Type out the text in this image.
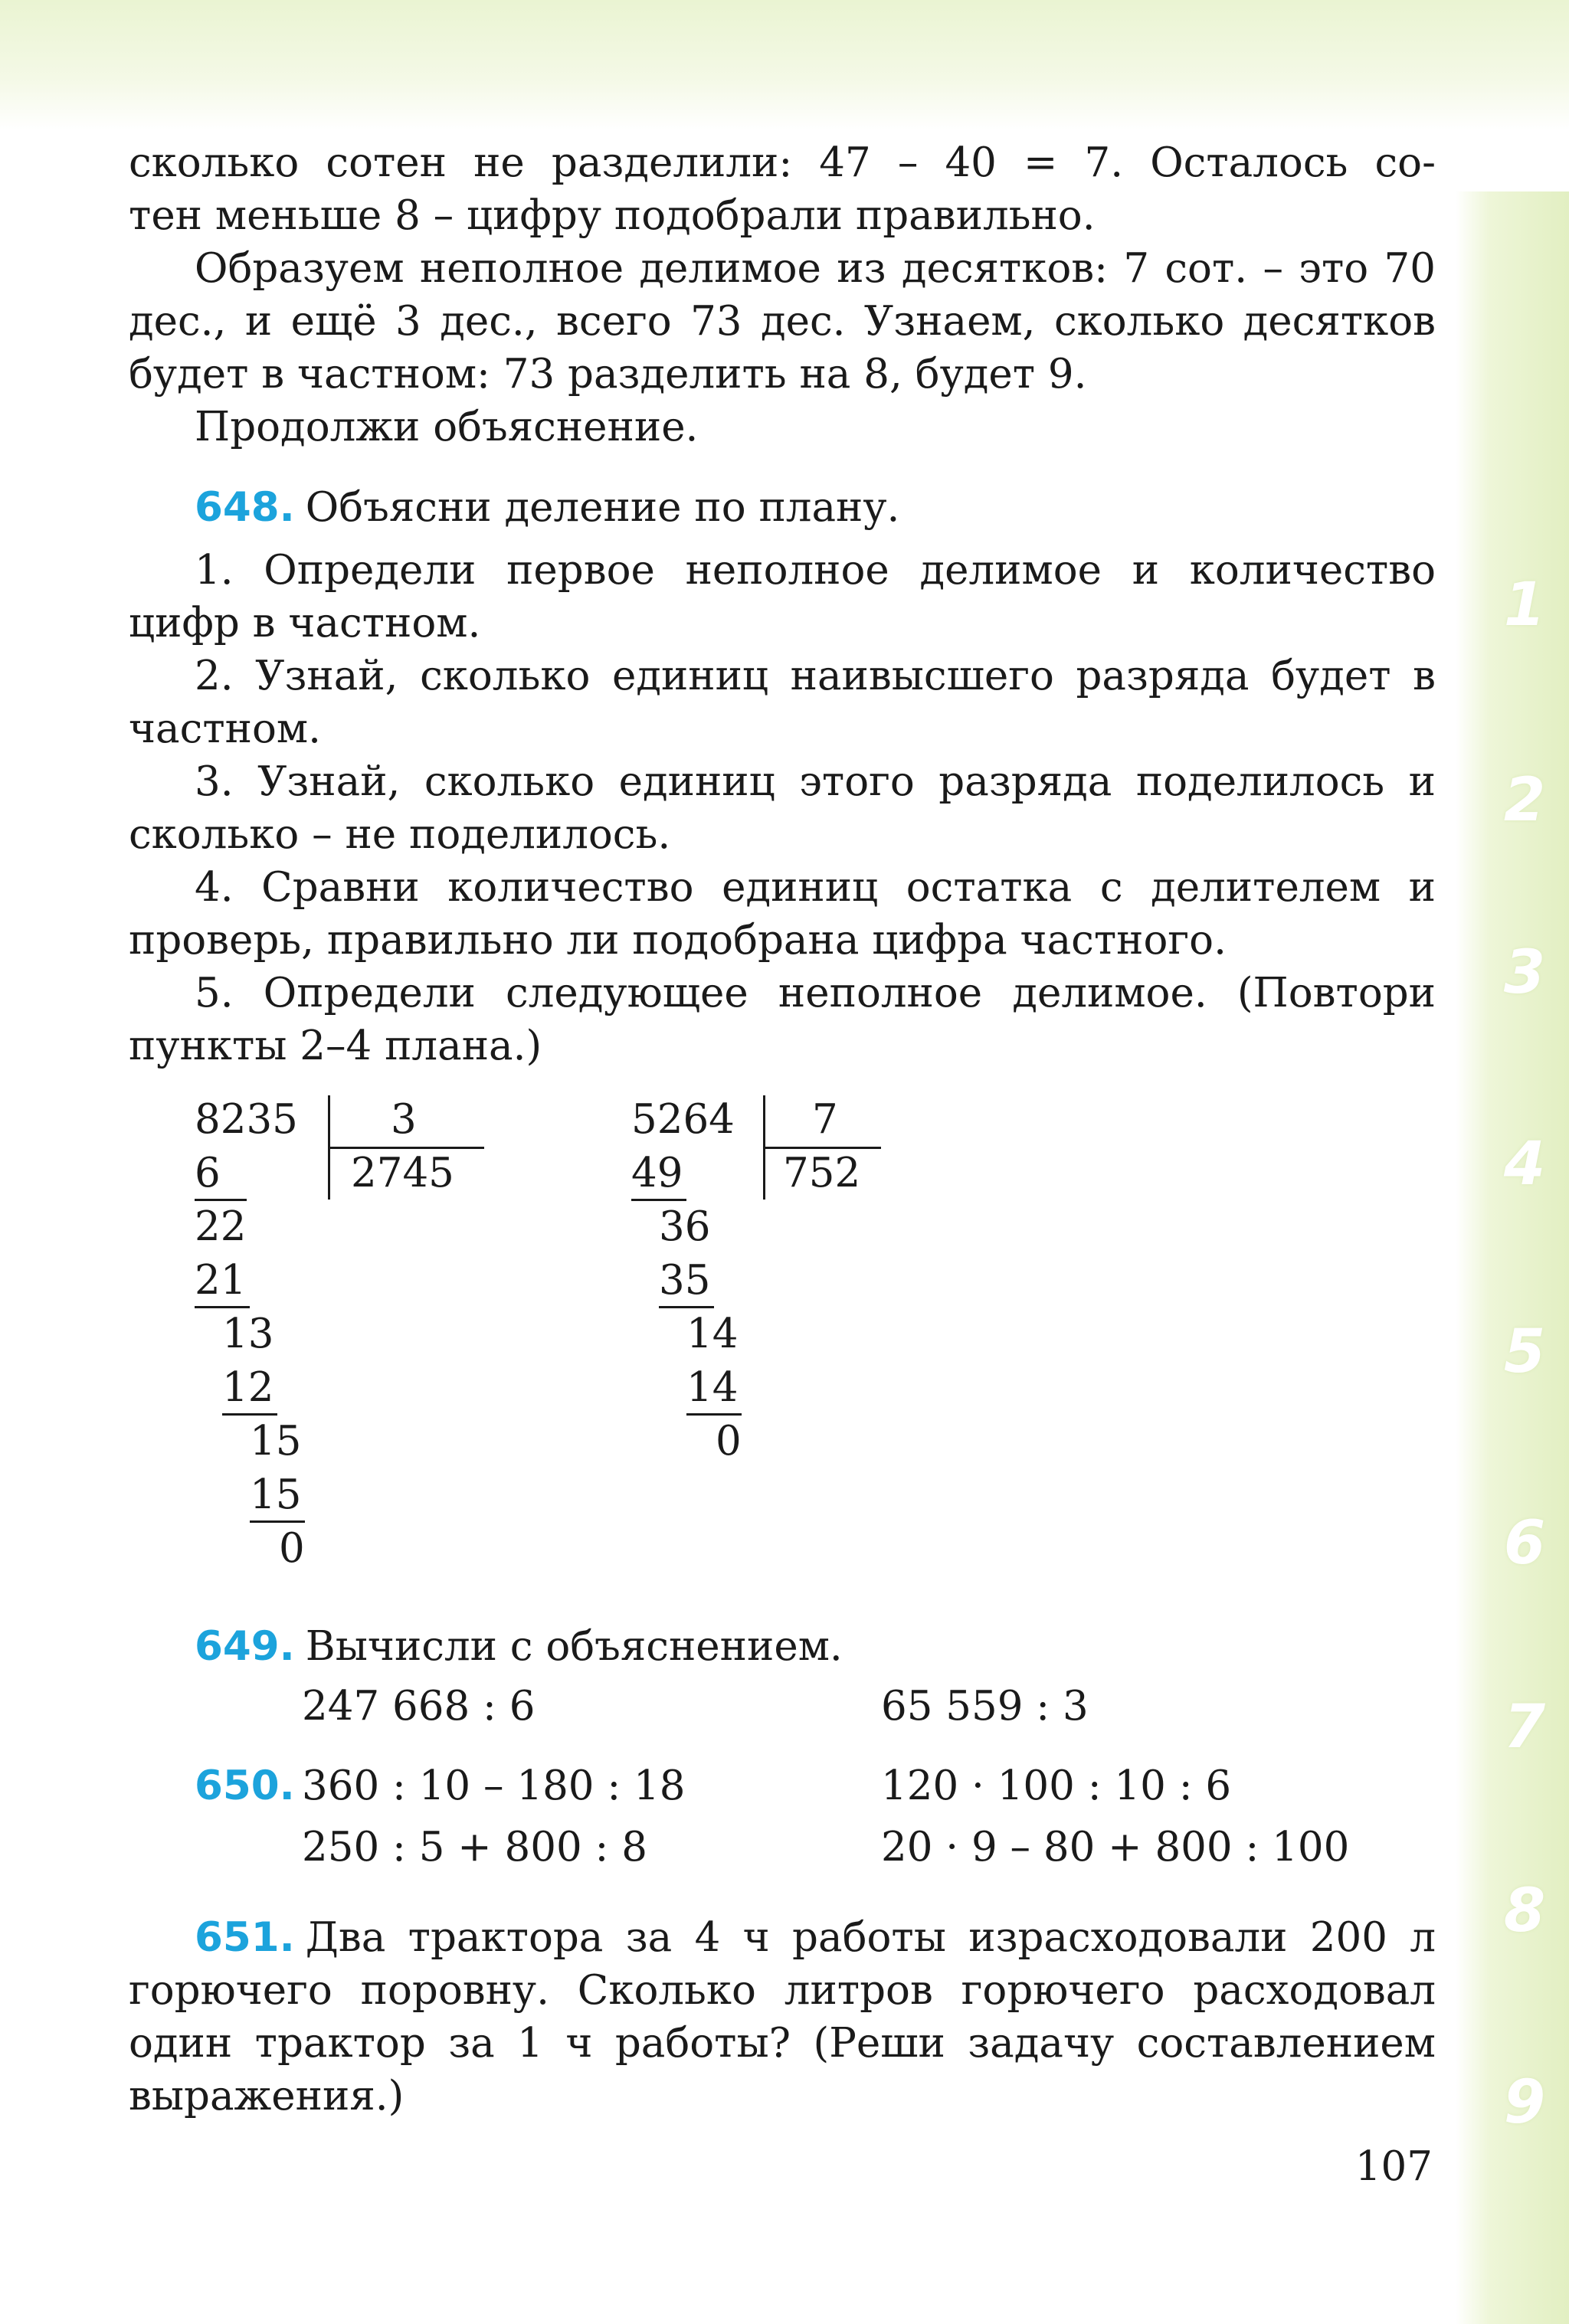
1
2
3
4
5
6
7
8
9

сколько сотен не разделили: 47 – 40 = 7. Осталось со-

тен меньше 8 – цифру подобрали правильно.

Образуем неполное делимое из десятков: 7 сот. – это 70 дес., и ещё 3 дес., всего 73 дес. Узнаем, сколько десятков будет в частном: 73 разделить на 8, будет 9.

Продолжи объяснение.

648. Объясни деление по плану.

1. Определи первое неполное делимое и количество цифр в частном.

2. Узнай, сколько единиц наивысшего разряда будет в частном.

3. Узнай, сколько единиц этого разряда поделилось и сколько – не поделилось.

4. Сравни количество единиц остатка с делителем и проверь, правильно ли подобрана цифра частного.

5. Определи следующее неполное делимое. (Повтори пункты 2–4 плана.)

8235 3
2745
6
22
21
13
12
15
15
0
5264 7
752
49
36
35
14
14
0

649. Вычисли с объяснением.

247 668 : 6	65 559 : 3
650. 360 : 10 – 180 : 18	120 · 100 : 10 : 6
250 : 5 + 800 : 8	20 · 9 – 80 + 800 : 100

651. Два трактора за 4 ч работы израсходовали 200 л горючего поровну. Сколько литров горючего расходовал один трактор за 1 ч работы? (Реши задачу составлением выражения.)

107
